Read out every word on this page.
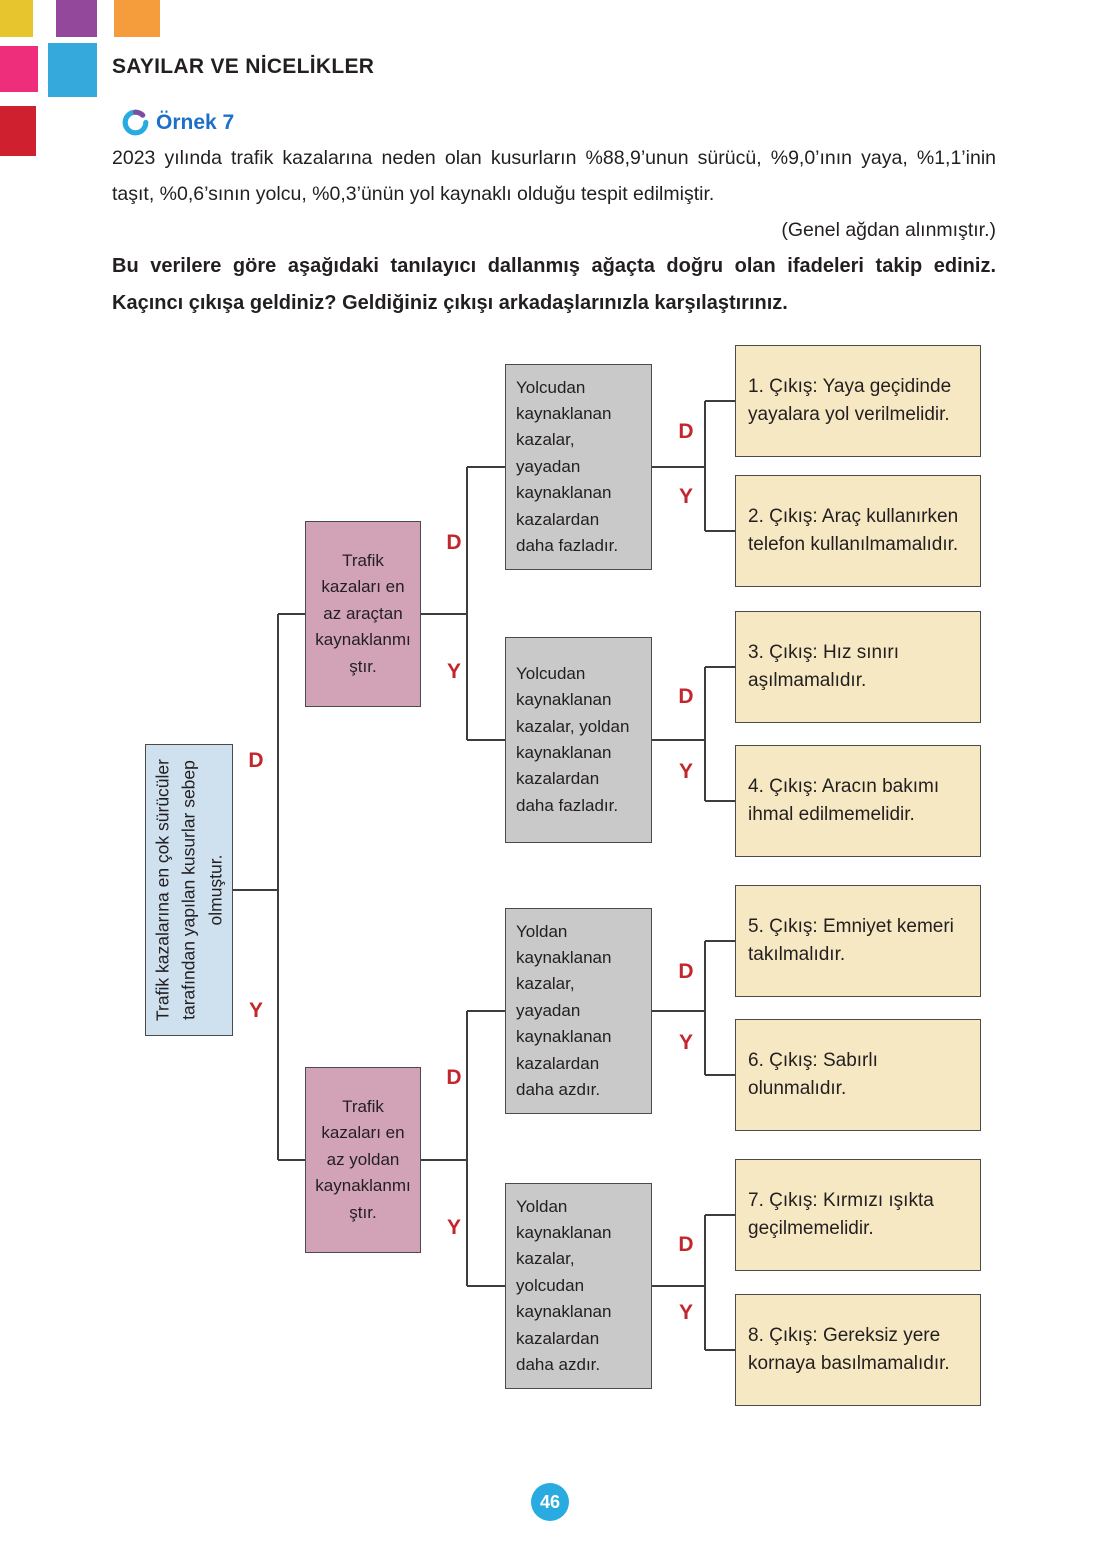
SAYILAR VE NİCELİKLER
Örnek 7

2023 yılında trafik kazalarına neden olan kusurların %88,9’unun sürücü, %9,0’ının yaya, %1,1’inin taşıt, %0,6’sının yolcu, %0,3’ünün yol kaynaklı olduğu tespit edilmiştir.

(Genel ağdan alınmıştır.)

Bu verilere göre aşağıdaki tanılayıcı dallanmış ağaçta doğru olan ifadeleri takip ediniz. Kaçıncı çıkışa geldiniz? Geldiğiniz çıkışı arkadaşlarınızla karşılaştırınız.

Trafik kazalarına en çok sürücüler tarafından yapılan kusurlar sebep olmuştur.
Trafik kazaları en az araçtan kaynaklanmıştır.
Trafik kazaları en az yoldan kaynaklanmıştır.
Yolcudan kaynaklanan kazalar, yayadan kaynaklanan kazalardan daha fazladır.
Yolcudan kaynaklanan kazalar, yoldan kaynaklanan kazalardan daha fazladır.
Yoldan kaynaklanan kazalar, yayadan kaynaklanan kazalardan daha azdır.
Yoldan kaynaklanan kazalar, yolcudan kaynaklanan kazalardan daha azdır.
1. Çıkış: Yaya geçidinde yayalara yol verilmelidir.
2. Çıkış: Araç kullanırken telefon kullanılmamalıdır.
3. Çıkış: Hız sınırı aşılmamalıdır.
4. Çıkış: Aracın bakımı ihmal edilmemelidir.
5. Çıkış: Emniyet kemeri takılmalıdır.
6. Çıkış: Sabırlı olunmalıdır.
7. Çıkış: Kırmızı ışıkta geçilmemelidir.
8. Çıkış: Gereksiz yere kornaya basılmamalıdır.
D
Y
D
Y
D
Y
D
Y
D
Y
D
Y
D
Y
46
